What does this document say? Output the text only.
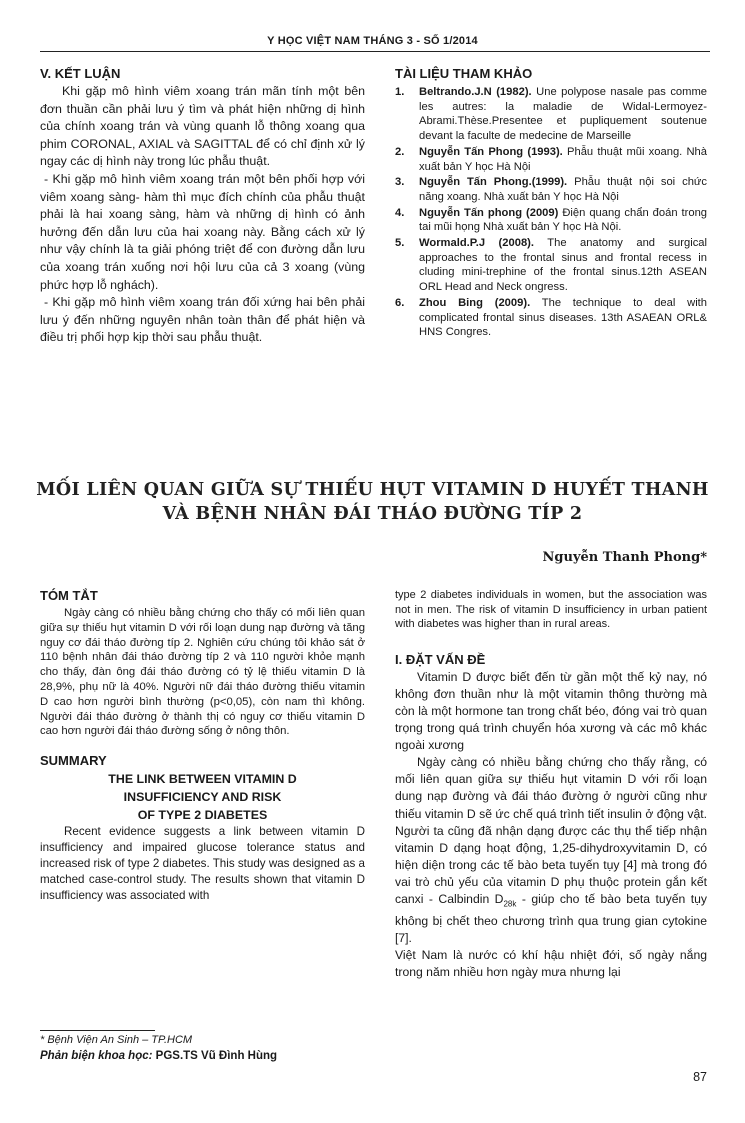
Y HỌC VIỆT NAM THÁNG 3 - SỐ 1/2014
V. KẾT LUẬN

Khi gặp mô hình viêm xoang trán mãn tính một bên đơn thuần cần phải lưu ý tìm và phát hiện những dị hình của chính xoang trán và vùng quanh lỗ thông xoang qua phim CORONAL, AXIAL và SAGITTAL để có chỉ định xử lý ngay các dị hình này trong lúc phẫu thuật.

- Khi gặp mô hình viêm xoang trán một bên phối hợp với viêm xoang sàng- hàm thì mục đích chính của phẫu thuật phải là hai xoang sàng, hàm và những dị hình có ảnh hưởng đến dẫn lưu của hai xoang này. Bằng cách xử lý như vậy chính là ta giải phóng triệt để con đường dẫn lưu của xoang trán xuống nơi hội lưu của cả 3 xoang (vùng phức hợp lỗ nghách).

- Khi gặp mô hình viêm xoang trán đối xứng hai bên phải lưu ý đến những nguyên nhân toàn thân để phát hiện và điều trị phối hợp kịp thời sau phẫu thuật.

TÀI LIỆU THAM KHẢO
1.	Beltrando.J.N (1982). Une polypose nasale pas comme les autres: la maladie de Widal-Lermoyez-Abrami.Thèse.Presentee et pupliquement soutenue devant la faculte de medecine de Marseille
2.	Nguyễn Tấn Phong (1993). Phẫu thuật mũi xoang. Nhà xuất bản Y học Hà Nội
3.	Nguyễn Tấn Phong.(1999). Phẫu thuật nội soi chức năng xoang. Nhà xuất bản Y học Hà Nội
4.	Nguyễn Tấn phong (2009) Điện quang chẩn đoán trong tai mũi họng Nhà xuất bản Y học Hà Nội.
5.	Wormald.P.J (2008). The anatomy and surgical approaches to the frontal sinus and frontal recess in cluding mini-trephine of the frontal sinus.12th ASEAN ORL Head and Neck ongress.
6.	Zhou Bing (2009). The technique to deal with complicated frontal sinus diseases. 13th ASAEAN ORL& HNS Congres.
MỐI LIÊN QUAN GIỮA SỰ THIẾU HỤT VITAMIN D HUYẾT THANH
VÀ BỆNH NHÂN ĐÁI THÁO ĐƯỜNG TÍP 2
Nguyễn Thanh Phong*
TÓM TẮT

Ngày càng có nhiều bằng chứng cho thấy có mối liên quan giữa sự thiếu hụt vitamin D với rối loạn dung nạp đường và tăng nguy cơ đái tháo đường típ 2. Nghiên cứu chúng tôi khảo sát ở 110 bệnh nhân đái tháo đường típ 2 và 110 người khỏe mạnh cho thấy, đàn ông đái tháo đường có tỷ lệ thiếu vitamin D là 28,9%, phụ nữ là 40%. Người nữ đái tháo đường thiếu vitamin D cao hơn người bình thường (p<0,05), còn nam thì không. Người đái tháo đường ở thành thị có nguy cơ thiếu vitamin D cao hơn người đái tháo đường sống ở nông thôn.

SUMMARY
THE LINK BETWEEN VITAMIN D
INSUFFICIENCY AND RISK
OF TYPE 2 DIABETES

Recent evidence suggests a link between vitamin D insufficiency and impaired glucose tolerance status and increased risk of type 2 diabetes. This study was designed as a matched case-control study. The results shown that vitamin D insufficiency was associated with

* Bệnh Viện An Sinh – TP.HCM
Phản biện khoa học: PGS.TS Vũ Đình Hùng

type 2 diabetes individuals in women, but the association was not in men. The risk of vitamin D insufficiency in urban patient with diabetes was higher than in rural areas.

I. ĐẶT VẤN ĐỀ

Vitamin D được biết đến từ gần một thế kỷ nay, nó không đơn thuần như là một vitamin thông thường mà còn là một hormone tan trong chất béo, đóng vai trò quan trọng trong quá trình chuyển hóa xương và các mô khác ngoài xương

Ngày càng có nhiều bằng chứng cho thấy rằng, có mối liên quan giữa sự thiếu hụt vitamin D với rối loạn dung nạp đường và đái tháo đường ở người cũng như thiếu vitamin D sẽ ức chế quá trình tiết insulin ở động vật. Người ta cũng đã nhận dạng được các thụ thể tiếp nhận vitamin D dạng hoạt động, 1,25-dihydroxyvitamin D, có hiện diện trong các tế bào beta tuyến tụy [4] mà trong đó vai trò chủ yếu của vitamin D phụ thuộc protein gắn kết canxi - Calbindin $D_{28k}$ - giúp cho tế bào beta tuyến tụy không bị chết theo chương trình qua trung gian cytokine [7].

Việt Nam là nước có khí hậu nhiệt đới, số ngày nắng trong năm nhiều hơn ngày mưa nhưng lại

87
